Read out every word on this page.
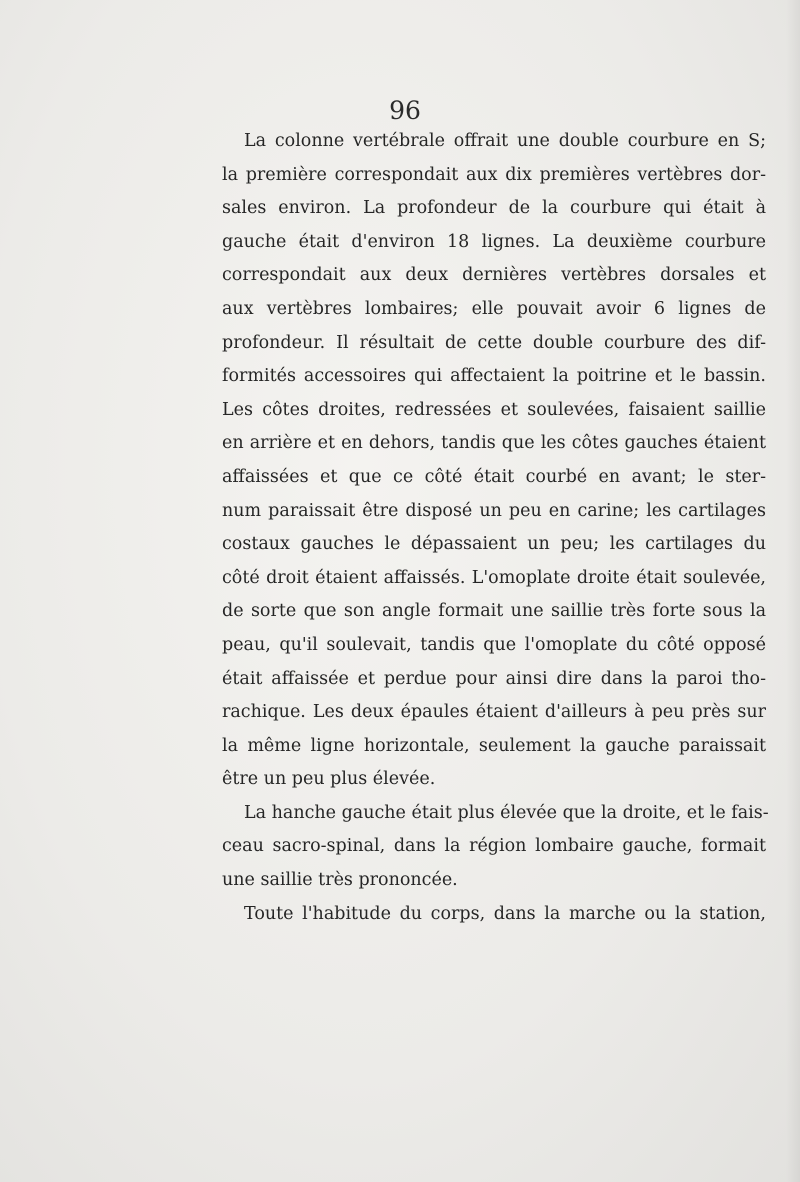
96
La colonne vertébrale offrait une double courbure en S;
la première correspondait aux dix premières vertèbres dor-
sales environ. La profondeur de la courbure qui était à
gauche était d'environ 18 lignes. La deuxième courbure
correspondait aux deux dernières vertèbres dorsales et
aux vertèbres lombaires; elle pouvait avoir 6 lignes de
profondeur. Il résultait de cette double courbure des dif-
formités accessoires qui affectaient la poitrine et le bassin.
Les côtes droites, redressées et soulevées, faisaient saillie
en arrière et en dehors, tandis que les côtes gauches étaient
affaissées et que ce côté était courbé en avant; le ster-
num paraissait être disposé un peu en carine; les cartilages
costaux gauches le dépassaient un peu; les cartilages du
côté droit étaient affaissés. L'omoplate droite était soulevée,
de sorte que son angle formait une saillie très forte sous la
peau, qu'il soulevait, tandis que l'omoplate du côté opposé
était affaissée et perdue pour ainsi dire dans la paroi tho-
rachique. Les deux épaules étaient d'ailleurs à peu près sur
la même ligne horizontale, seulement la gauche paraissait
être un peu plus élevée.
La hanche gauche était plus élevée que la droite, et le fais-
ceau sacro-spinal, dans la région lombaire gauche, formait
une saillie très prononcée.
Toute l'habitude du corps, dans la marche ou la station,
